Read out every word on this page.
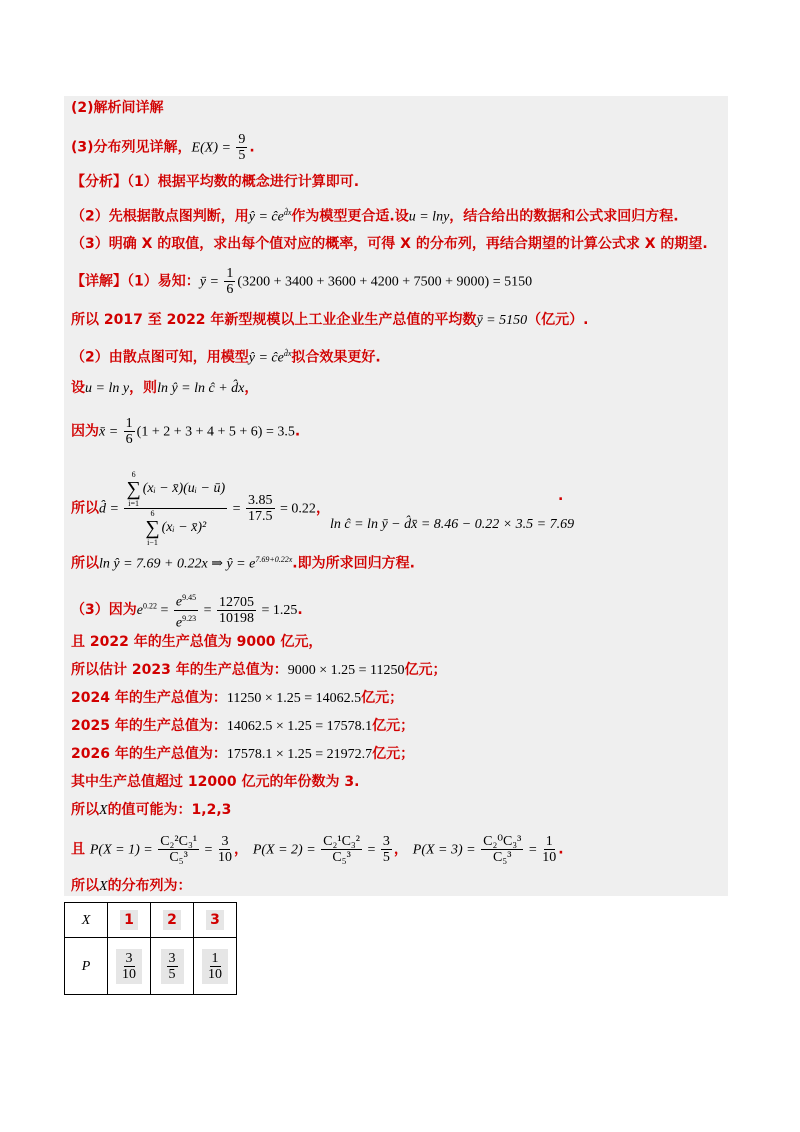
(2)解析间详解
(3)分布列见详解，$E(X) = \frac{9}{5}$ .
【分析】（1）根据平均数的概念进行计算即可.
（2）先根据散点图判断，用ŷ = $ĉe^{d̂x}$作为模型更合适.设u = lny，结合给出的数据和公式求回归方程.
（3）明确 X 的取值，求出每个值对应的概率，可得 X 的分布列，再结合期望的计算公式求 X 的期望.
【详解】（1）易知：ȳ = $\frac{1}{6} (3200 + 3400 + 3600 + 4200 + 7500 + 9000) = 5150$
所以 2017 至 2022 年新型规模以上工业企业生产总值的平均数ȳ = 5150（亿元）.
（2）由散点图可知，用模型ŷ = $ĉe^{d̂x}$拟合效果更好.
设u = ln y，则ln ŷ = ln ĉ + d̂x，
因为x̄ = $\frac{1}{6} (1 + 2 + 3 + 4 + 5 + 6) = 3.5$.
所以d̂ = 6
∑
i=1
(xᵢ − x̄)(uᵢ − ū)
6
∑
i−1
(xᵢ − x̄)² = $\frac{3.85}{17.5} = 0.22$，
.
ln ĉ = ln ȳ − d̂x̄ = 8.46 − 0.22 × 3.5 = 7.69
所以ln ŷ = 7.69 + 0.22x ⇒ ŷ = $e^{7.69+0.22x}$.即为所求回归方程.
（3）因为$e^{0.22} = \frac{e^{9.45}}{e^{9.23}} = \frac{12705}{10198} = 1.25$.
且 2022 年的生产总值为 9000 亿元，
所以估计 2023 年的生产总值为：9000 × 1.25 = 11250亿元；
2024 年的生产总值为：11250 × 1.25 = 14062.5亿元；
2025 年的生产总值为：14062.5 × 1.25 = 17578.1亿元；
2026 年的生产总值为：17578.1 × 1.25 = 21972.7亿元；
其中生产总值超过 12000 亿元的年份数为 3.
所以X的值可能为：1,2,3
且 $P(X = 1) = \frac{\text{C₂²C₃¹}}{\text{C₅³}} = \frac{3}{10}$ ， $P(X = 2) = \frac{\text{C₂¹C₃²}}{\text{C₅³}} = \frac{3}{5}$ ， $P(X = 3) = \frac{\text{C₂⁰C₃³}}{\text{C₅³}} = \frac{1}{10}$ .
所以X的分布列为：
X	1	2	3
P	$\frac{3}{10}$	$\frac{3}{5}$	$\frac{1}{10}$
